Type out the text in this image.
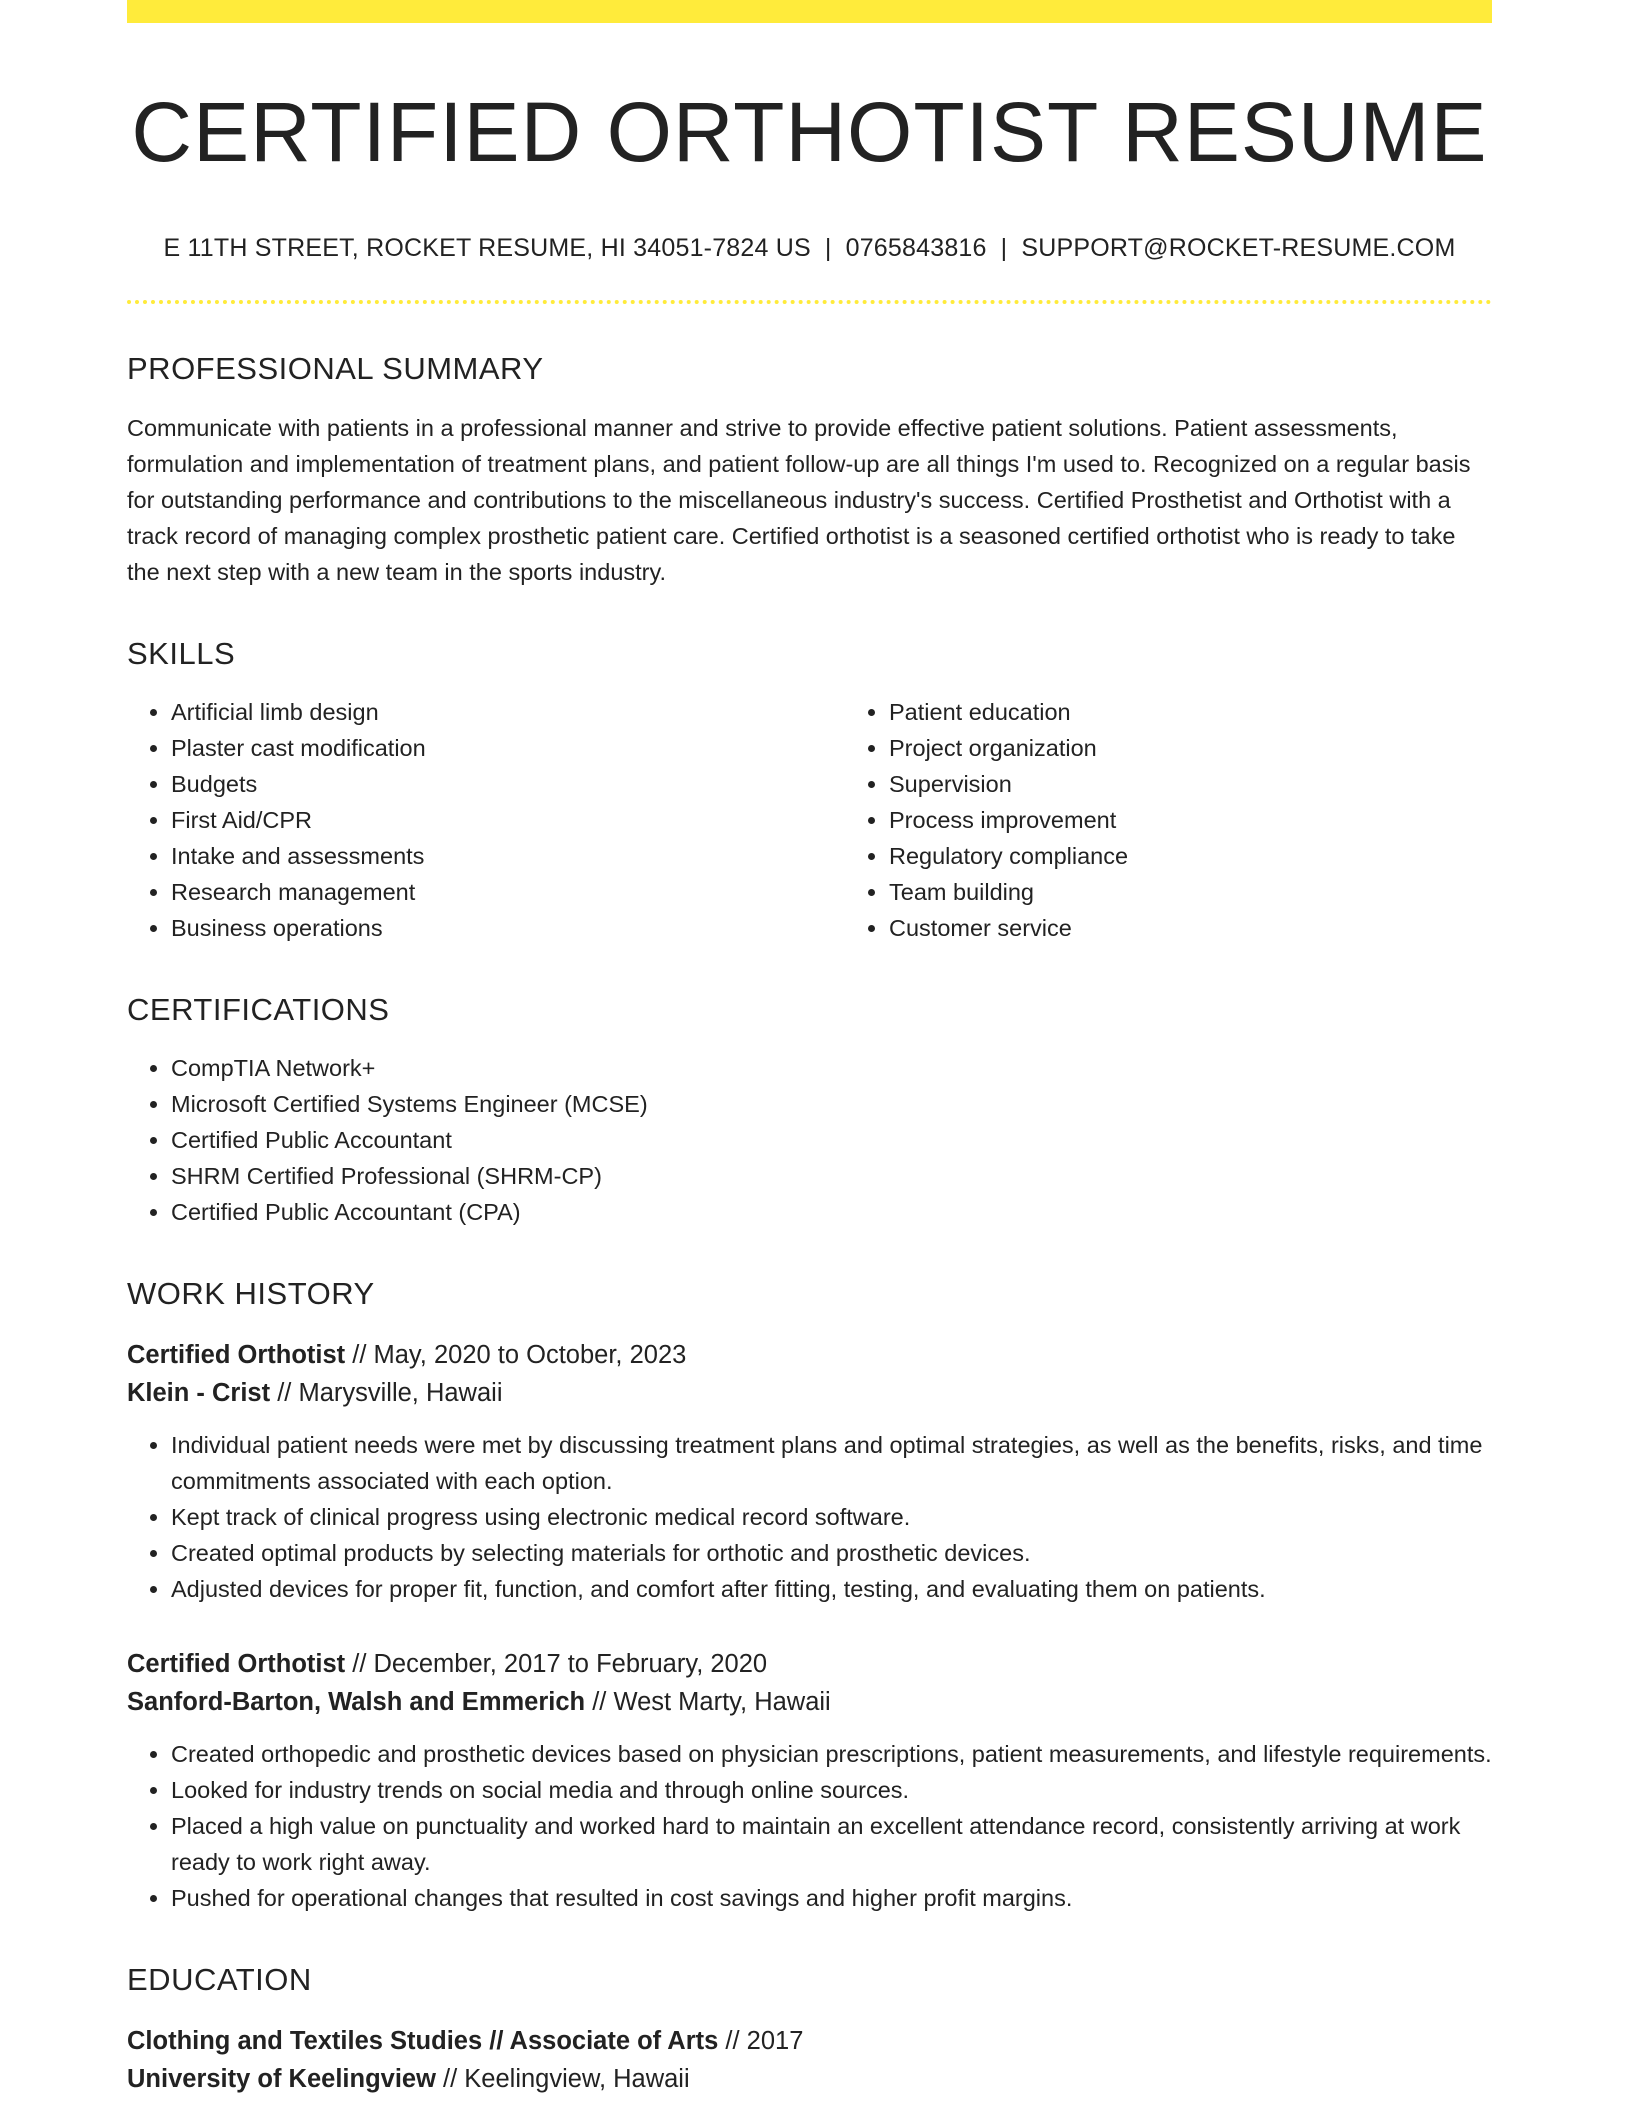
CERTIFIED ORTHOTIST RESUME
E 11TH STREET, ROCKET RESUME, HI 34051-7824 US | 0765843816 | SUPPORT@ROCKET-RESUME.COM
PROFESSIONAL SUMMARY

Communicate with patients in a professional manner and strive to provide effective patient solutions. Patient assessments, formulation and implementation of treatment plans, and patient follow-up are all things I'm used to. Recognized on a regular basis for outstanding performance and contributions to the miscellaneous industry's success. Certified Prosthetist and Orthotist with a track record of managing complex prosthetic patient care. Certified orthotist is a seasoned certified orthotist who is ready to take the next step with a new team in the sports industry.

SKILLS
• Artificial limb design
• Plaster cast modification
• Budgets
• First Aid/CPR
• Intake and assessments
• Research management
• Business operations
• Patient education
• Project organization
• Supervision
• Process improvement
• Regulatory compliance
• Team building
• Customer service
CERTIFICATIONS
• CompTIA Network+
• Microsoft Certified Systems Engineer (MCSE)
• Certified Public Accountant
• SHRM Certified Professional (SHRM-CP)
• Certified Public Accountant (CPA)
WORK HISTORY
Certified Orthotist // May, 2020 to October, 2023
Klein - Crist // Marysville, Hawaii
• Individual patient needs were met by discussing treatment plans and optimal strategies, as well as the benefits, risks, and time commitments associated with each option.
• Kept track of clinical progress using electronic medical record software.
• Created optimal products by selecting materials for orthotic and prosthetic devices.
• Adjusted devices for proper fit, function, and comfort after fitting, testing, and evaluating them on patients.
Certified Orthotist // December, 2017 to February, 2020
Sanford-Barton, Walsh and Emmerich // West Marty, Hawaii
• Created orthopedic and prosthetic devices based on physician prescriptions, patient measurements, and lifestyle requirements.
• Looked for industry trends on social media and through online sources.
• Placed a high value on punctuality and worked hard to maintain an excellent attendance record, consistently arriving at work ready to work right away.
• Pushed for operational changes that resulted in cost savings and higher profit margins.
EDUCATION
Clothing and Textiles Studies // Associate of Arts // 2017
University of Keelingview // Keelingview, Hawaii
